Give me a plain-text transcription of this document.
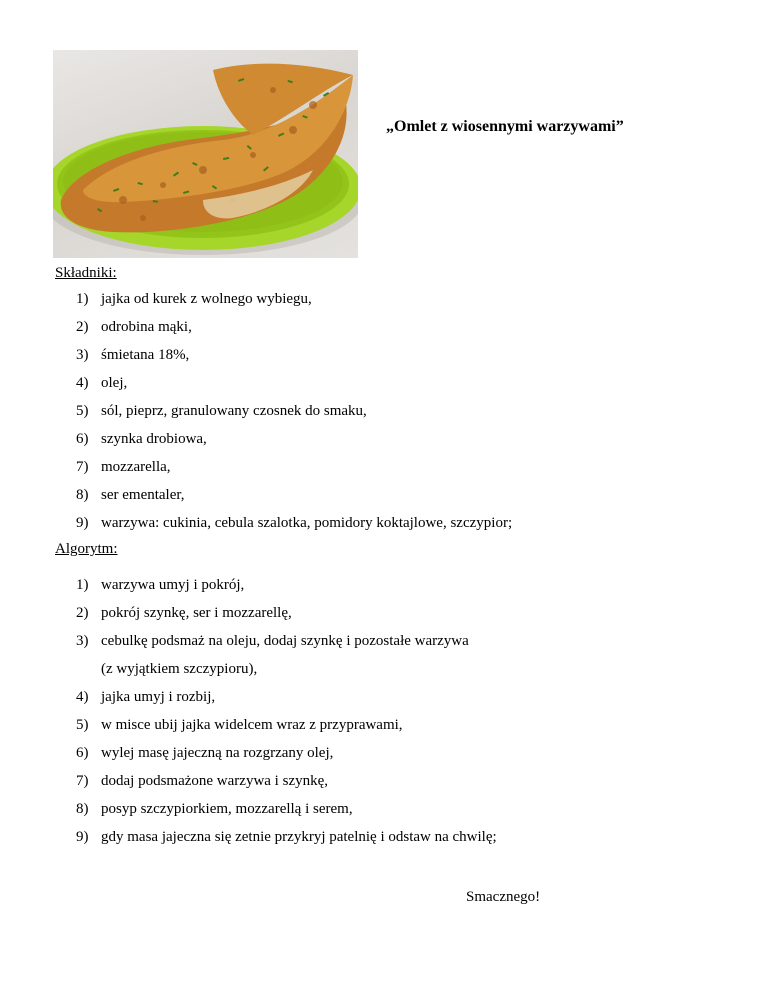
„Omlet z wiosennymi warzywami”
Składniki:
1) jajka od kurek z wolnego wybiegu,
2) odrobina mąki,
3) śmietana 18%,
4) olej,
5) sól, pieprz, granulowany czosnek do smaku,
6) szynka drobiowa,
7) mozzarella,
8) ser ementaler,
9) warzywa: cukinia, cebula szalotka, pomidory koktajlowe, szczypior;
Algorytm:
1) warzywa umyj i pokrój,
2) pokrój szynkę, ser i mozzarellę,
3) cebulkę podsmaż na oleju, dodaj szynkę i pozostałe warzywa
(z wyjątkiem szczypioru),
4) jajka umyj i rozbij,
5) w misce ubij jajka widelcem wraz z przyprawami,
6) wylej masę jajeczną na rozgrzany olej,
7) dodaj podsmażone warzywa i szynkę,
8) posyp szczypiorkiem, mozzarellą i serem,
9) gdy masa jajeczna się zetnie przykryj patelnię i odstaw na chwilę;
Smacznego!
